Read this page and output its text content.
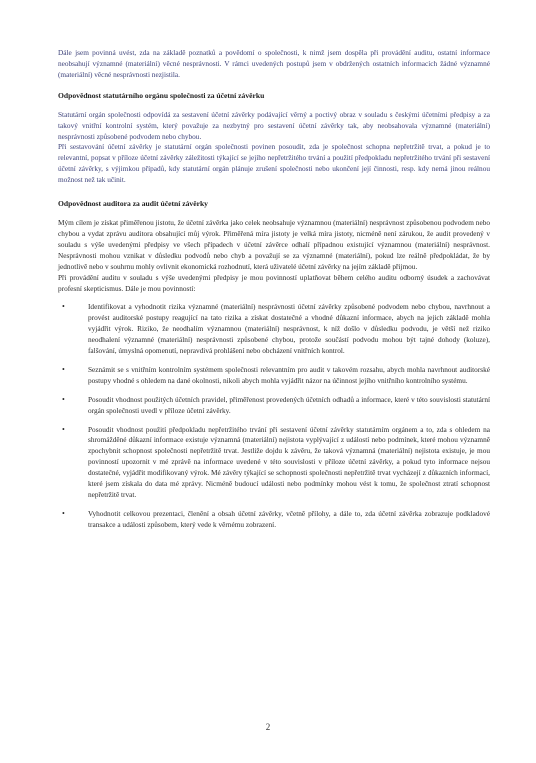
Dále jsem povinná uvést, zda na základě poznatků a povědomí o společnosti, k nimž jsem dospěla při provádění auditu, ostatní informace neobsahují významné (materiální) věcné nesprávnosti. V rámci uvedených postupů jsem v obdržených ostatních informacích žádné významné (materiální) věcné nesprávnosti nezjistila.

Odpovědnost statutárního orgánu společnosti za účetní závěrku

Statutární orgán společnosti odpovídá za sestavení účetní závěrky podávající věrný a poctivý obraz v souladu s českými účetními předpisy a za takový vnitřní kontrolní systém, který považuje za nezbytný pro sestavení účetní závěrky tak, aby neobsahovala významné (materiální) nesprávnosti způsobené podvodem nebo chybou.

Při sestavování účetní závěrky je statutární orgán společnosti povinen posoudit, zda je společnost schopna nepřetržitě trvat, a pokud je to relevantní, popsat v příloze účetní závěrky záležitosti týkající se jejího nepřetržitého trvání a použití předpokladu nepřetržitého trvání při sestavení účetní závěrky, s výjimkou případů, kdy statutární orgán plánuje zrušení společnosti nebo ukončení její činnosti, resp. kdy nemá jinou reálnou možnost než tak učinit.

Odpovědnost auditora za audit účetní závěrky

Mým cílem je získat přiměřenou jistotu, že účetní závěrka jako celek neobsahuje významnou (materiální) nesprávnost způsobenou podvodem nebo chybou a vydat zprávu auditora obsahující můj výrok. Přiměřená míra jistoty je velká míra jistoty, nicméně není zárukou, že audit provedený v souladu s výše uvedenými předpisy ve všech případech v účetní závěrce odhalí případnou existující významnou (materiální) nesprávnost. Nesprávnosti mohou vznikat v důsledku podvodů nebo chyb a považují se za významné (materiální), pokud lze reálně předpokládat, že by jednotlivě nebo v souhrnu mohly ovlivnit ekonomická rozhodnutí, která uživatelé účetní závěrky na jejím základě přijmou.

Při provádění auditu v souladu s výše uvedenými předpisy je mou povinností uplatňovat během celého auditu odborný úsudek a zachovávat profesní skepticismus. Dále je mou povinností:

•	Identifikovat a vyhodnotit rizika významné (materiální) nesprávnosti účetní závěrky způsobené podvodem nebo chybou, navrhnout a provést auditorské postupy reagující na tato rizika a získat dostatečné a vhodné důkazní informace, abych na jejich základě mohla vyjádřit výrok. Riziko, že neodhalím významnou (materiální) nesprávnost, k níž došlo v důsledku podvodu, je větší než riziko neodhalení významné (materiální) nesprávnosti způsobené chybou, protože součástí podvodu mohou být tajné dohody (koluze), falšování, úmyslná opomenutí, nepravdivá prohlášení nebo obcházení vnitřních kontrol.

•	Seznámit se s vnitřním kontrolním systémem společnosti relevantním pro audit v takovém rozsahu, abych mohla navrhnout auditorské postupy vhodné s ohledem na dané okolnosti, nikoli abych mohla vyjádřit názor na účinnost jejího vnitřního kontrolního systému.

•	Posoudit vhodnost použitých účetních pravidel, přiměřenost provedených účetních odhadů a informace, které v této souvislosti statutární orgán společnosti uvedl v příloze účetní závěrky.

•	Posoudit vhodnost použití předpokladu nepřetržitého trvání při sestavení účetní závěrky statutárním orgánem a to, zda s ohledem na shromážděné důkazní informace existuje významná (materiální) nejistota vyplývající z událostí nebo podmínek, které mohou významně zpochybnit schopnost společnosti nepřetržitě trvat. Jestliže dojdu k závěru, že taková významná (materiální) nejistota existuje, je mou povinností upozornit v mé zprávě na informace uvedené v této souvislosti v příloze účetní závěrky, a pokud tyto informace nejsou dostatečné, vyjádřit modifikovaný výrok. Mé závěry týkající se schopnosti společnosti nepřetržitě trvat vycházejí z důkazních informací, které jsem získala do data mé zprávy. Nicméně budoucí události nebo podmínky mohou vést k tomu, že společnost ztratí schopnost nepřetržitě trvat.

•	Vyhodnotit celkovou prezentaci, členění a obsah účetní závěrky, včetně přílohy, a dále to, zda účetní závěrka zobrazuje podkladové transakce a události způsobem, který vede k věrnému zobrazení.

2
